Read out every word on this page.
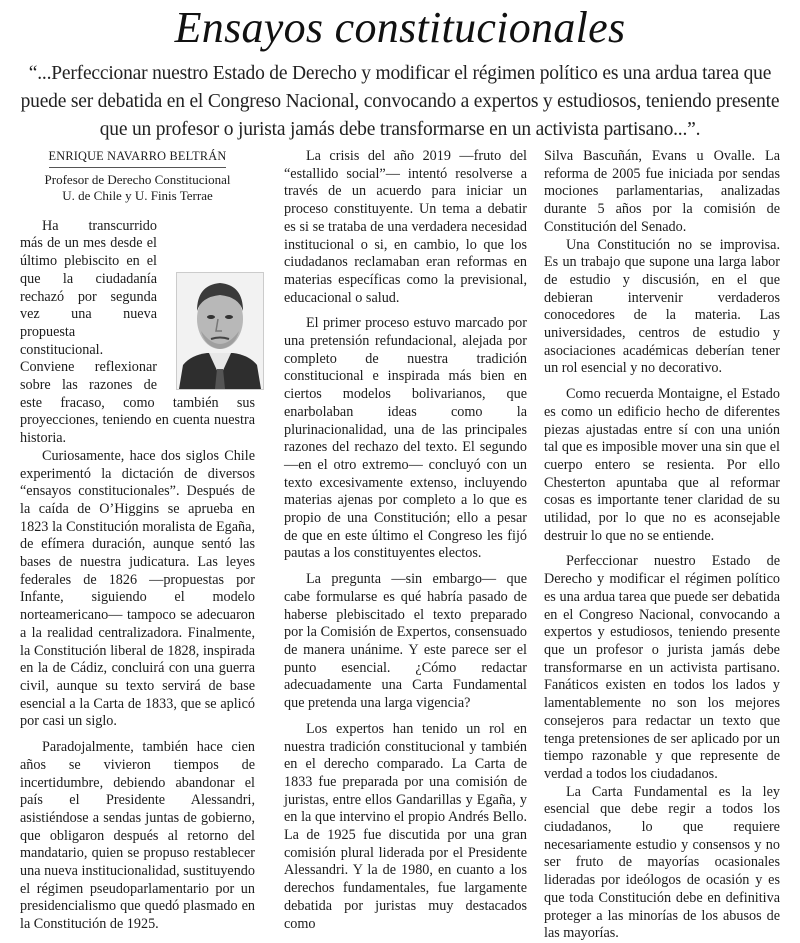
Ensayos constitucionales
“...Perfeccionar nuestro Estado de Derecho y modificar el régimen político es una ardua tarea que puede ser debatida en el Congreso Nacional, convocando a expertos y estudiosos, teniendo presente que un profesor o jurista jamás debe transformarse en un activista partisano...”.
ENRIQUE NAVARRO BELTRÁN
Profesor de Derecho Constitucional
U. de Chile y U. Finis Terrae

Ha transcurrido más de un mes desde el último plebiscito en el que la ciudadanía rechazó por segunda vez una nueva propuesta constitucional. Conviene reflexionar sobre las razones de este fracaso, como también sus proyecciones, teniendo en cuenta nuestra historia.

Curiosamente, hace dos siglos Chile experimentó la dictación de diversos “ensayos constitucionales”. Después de la caída de O’Higgins se aprueba en 1823 la Constitución moralista de Egaña, de efímera duración, aunque sentó las bases de nuestra judicatura. Las leyes federales de 1826 —propuestas por Infante, siguiendo el modelo norteamericano— tampoco se adecuaron a la realidad centralizadora. Finalmente, la Constitución liberal de 1828, inspirada en la de Cádiz, concluirá con una guerra civil, aunque su texto servirá de base esencial a la Carta de 1833, que se aplicó por casi un siglo.

Paradojalmente, también hace cien años se vivieron tiempos de incertidumbre, debiendo abandonar el país el Presidente Alessandri, asistiéndose a sendas juntas de gobierno, que obligaron después al retorno del mandatario, quien se propuso restablecer una nueva institucionalidad, sustituyendo el régimen pseudoparlamentario por un presidencialismo que quedó plasmado en la Constitución de 1925.

La crisis del año 2019 —fruto del “estallido social”— intentó resolverse a través de un acuerdo para iniciar un proceso constituyente. Un tema a debatir es si se trataba de una verdadera necesidad institucional o si, en cambio, lo que los ciudadanos reclamaban eran reformas en materias específicas como la previsional, educacional o salud.

El primer proceso estuvo marcado por una pretensión refundacional, alejada por completo de nuestra tradición constitucional e inspirada más bien en ciertos modelos bolivarianos, que enarbolaban ideas como la plurinacionalidad, una de las principales razones del rechazo del texto. El segundo —en el otro extremo— concluyó con un texto excesivamente extenso, incluyendo materias ajenas por completo a lo que es propio de una Constitución; ello a pesar de que en este último el Congreso les fijó pautas a los constituyentes electos.

La pregunta —sin embargo— que cabe formularse es qué habría pasado de haberse plebiscitado el texto preparado por la Comisión de Expertos, consensuado de manera unánime. Y este parece ser el punto esencial. ¿Cómo redactar adecuadamente una Carta Fundamental que pretenda una larga vigencia?

Los expertos han tenido un rol en nuestra tradición constitucional y también en el derecho comparado. La Carta de 1833 fue preparada por una comisión de juristas, entre ellos Gandarillas y Egaña, y en la que intervino el propio Andrés Bello. La de 1925 fue discutida por una gran comisión plural liderada por el Presidente Alessandri. Y la de 1980, en cuanto a los derechos fundamentales, fue largamente debatida por juristas muy destacados como

Silva Bascuñán, Evans u Ovalle. La reforma de 2005 fue iniciada por sendas mociones parlamentarias, analizadas durante 5 años por la comisión de Constitución del Senado.

Una Constitución no se improvisa. Es un trabajo que supone una larga labor de estudio y discusión, en el que debieran intervenir verdaderos conocedores de la materia. Las universidades, centros de estudio y asociaciones académicas deberían tener un rol esencial y no decorativo.

Como recuerda Montaigne, el Estado es como un edificio hecho de diferentes piezas ajustadas entre sí con una unión tal que es imposible mover una sin que el cuerpo entero se resienta. Por ello Chesterton apuntaba que al reformar cosas es importante tener claridad de su utilidad, por lo que no es aconsejable destruir lo que no se entiende.

Perfeccionar nuestro Estado de Derecho y modificar el régimen político es una ardua tarea que puede ser debatida en el Congreso Nacional, convocando a expertos y estudiosos, teniendo presente que un profesor o jurista jamás debe transformarse en un activista partisano. Fanáticos existen en todos los lados y lamentablemente no son los mejores consejeros para redactar un texto que tenga pretensiones de ser aplicado por un tiempo razonable y que represente de verdad a todos los ciudadanos.

La Carta Fundamental es la ley esencial que debe regir a todos los ciudadanos, lo que requiere necesariamente estudio y consensos y no ser fruto de mayorías ocasionales lideradas por ideólogos de ocasión y es que toda Constitución debe en definitiva proteger a las minorías de los abusos de las mayorías.
